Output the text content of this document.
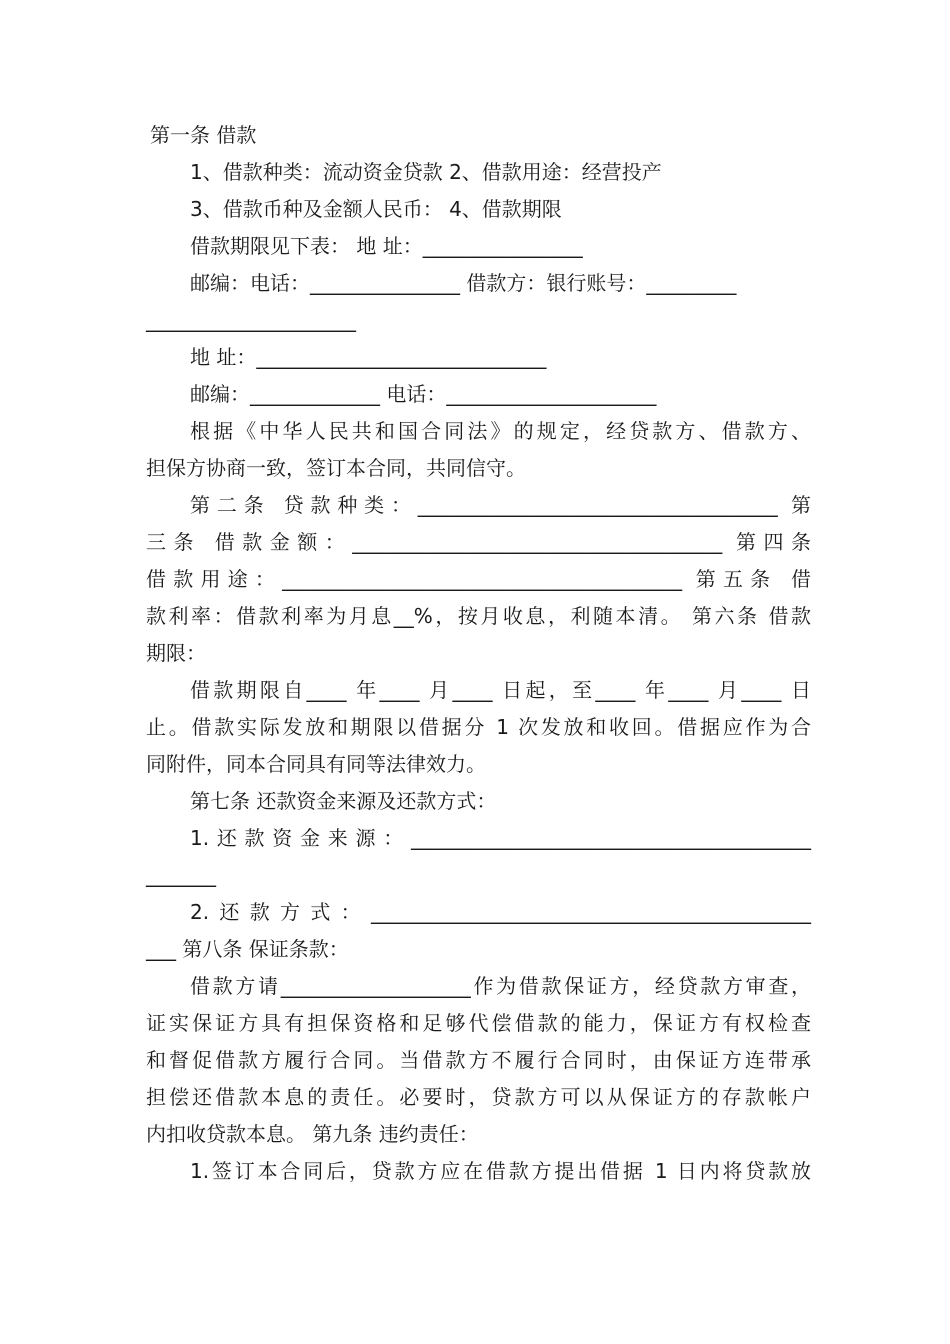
第一条 借款
1、借款种类：流动资金贷款 2、借款用途：经营投产
3、借款币种及金额人民币： 4、借款期限
借款期限见下表： 地 址：________________
邮编：电话：_______________ 借款方：银行账号：_________
_____________________
地 址：_____________________________
邮编：_____________ 电话：_____________________
根据《中华人民共和国合同法》的规定，经贷款方、借款方、
担保方协商一致，签订本合同，共同信守。
第二条 贷款种类：____________________________________ 第
三条 借款金额：_____________________________________ 第四条
借款用途：________________________________________ 第五条 借
款利率：借款利率为月息__%，按月收息，利随本清。 第六条 借款
期限：
借款期限自____ 年____ 月____ 日起，至____ 年____ 月____ 日
止。借款实际发放和期限以借据分 1 次发放和收回。借据应作为合
同附件，同本合同具有同等法律效力。
第七条 还款资金来源及还款方式：
1.还款资金来源：________________________________________
_______
2.还款方式：____________________________________________
___ 第八条 保证条款：
借款方请___________________作为借款保证方，经贷款方审查，
证实保证方具有担保资格和足够代偿借款的能力，保证方有权检查
和督促借款方履行合同。当借款方不履行合同时，由保证方连带承
担偿还借款本息的责任。必要时，贷款方可以从保证方的存款帐户
内扣收贷款本息。 第九条 违约责任：
1.签订本合同后，贷款方应在借款方提出借据 1 日内将贷款放
